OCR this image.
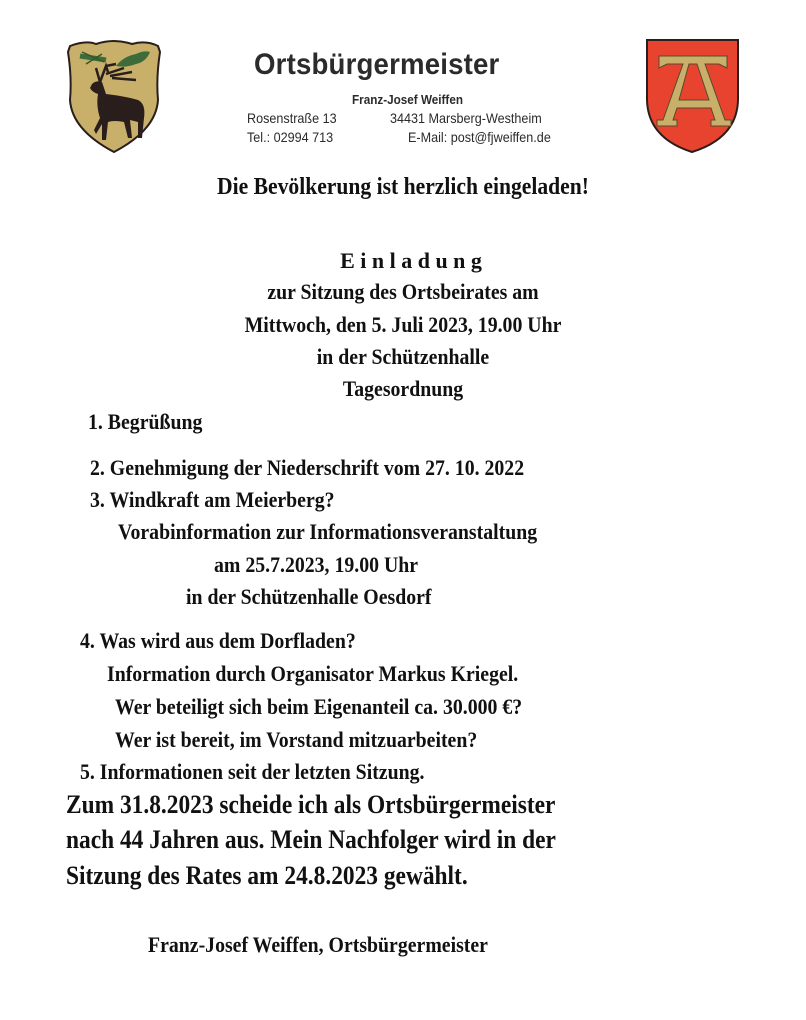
Ortsbürgermeister
Franz-Josef Weiffen
Rosenstraße 13	34431 Marsberg-Westheim
Tel.: 02994 713	E-Mail: post@fjweiffen.de
Die Bevölkerung ist herzlich eingeladen!
E i n l a d u n g
zur Sitzung des Ortsbeirates am
Mittwoch, den 5. Juli 2023, 19.00 Uhr
in der Schützenhalle
Tagesordnung
1. Begrüßung
2. Genehmigung der Niederschrift vom 27. 10. 2022
3. Windkraft am Meierberg?
Vorabinformation zur Informationsveranstaltung
am 25.7.2023, 19.00 Uhr
in der Schützenhalle Oesdorf
4. Was wird aus dem Dorfladen?
Information durch Organisator Markus Kriegel.
Wer beteiligt sich beim Eigenanteil ca. 30.000 €?
Wer ist bereit, im Vorstand mitzuarbeiten?
5. Informationen seit der letzten Sitzung.
Zum 31.8.2023 scheide ich als Ortsbürgermeister
nach 44 Jahren aus. Mein Nachfolger wird in der
Sitzung des Rates am 24.8.2023 gewählt.
Franz-Josef Weiffen, Ortsbürgermeister
